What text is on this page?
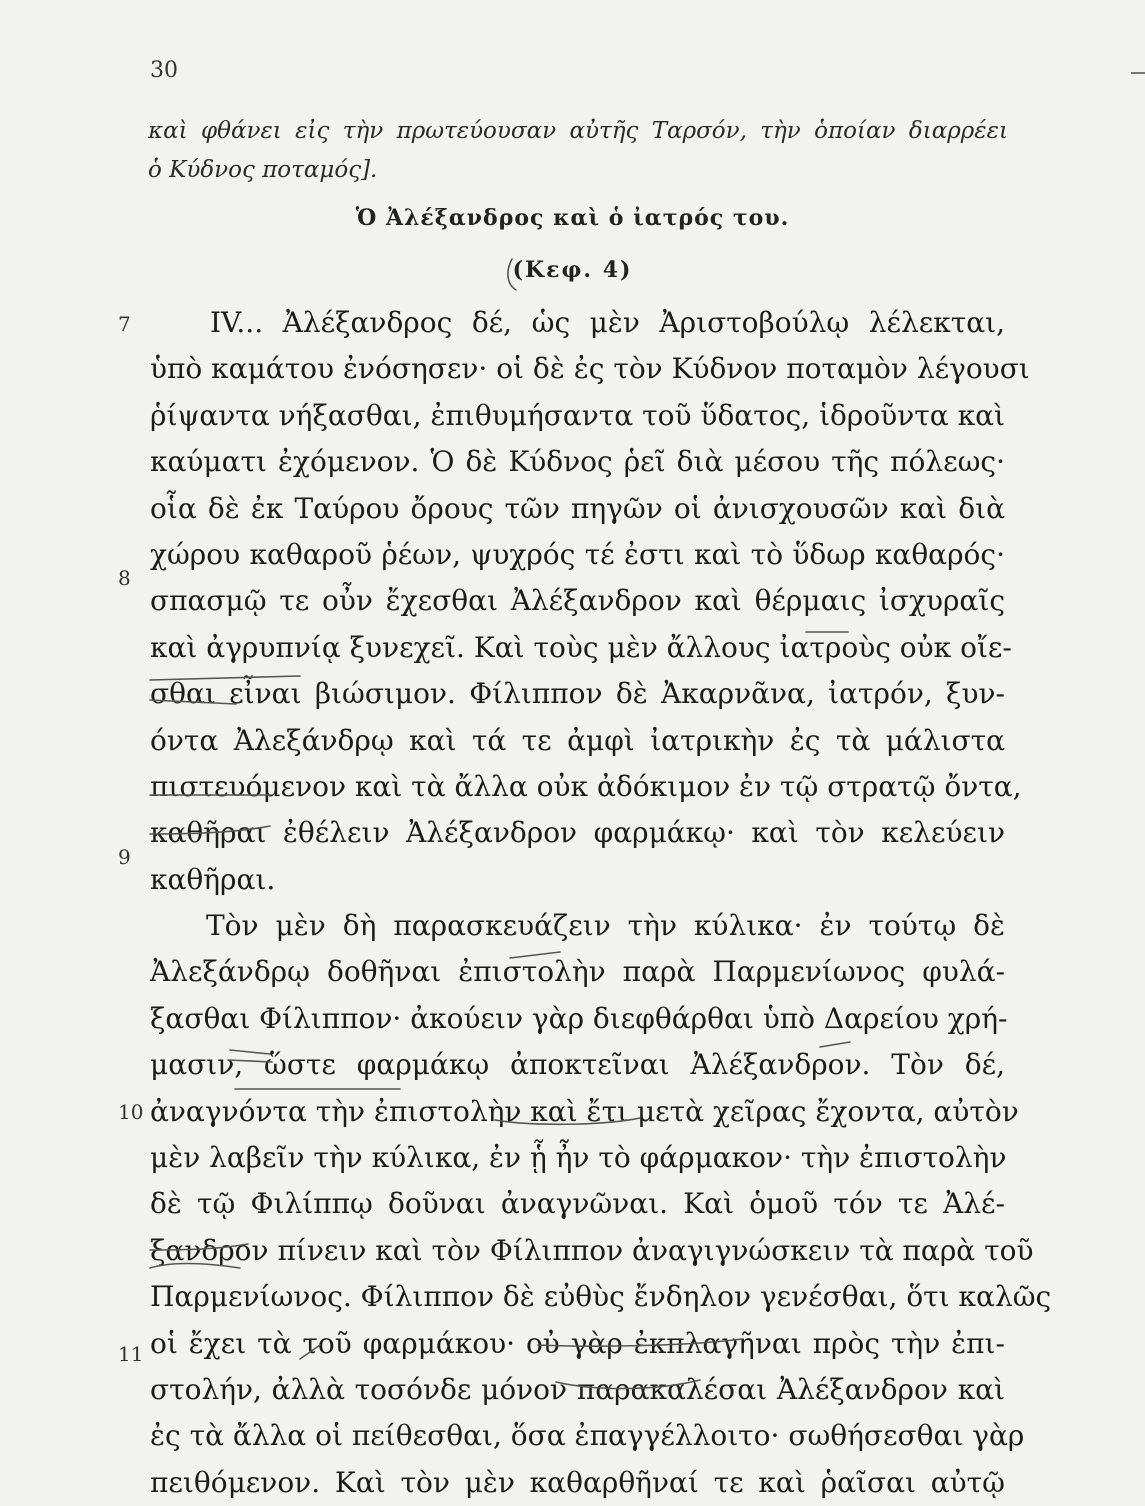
30
καὶ φθάνει εἰς τὴν πρωτεύουσαν αὐτῆς Ταρσόν, τὴν ὁποίαν διαρρέει
ὁ Κύδνος ποταμός].
Ὁ Ἀλέξανδρος καὶ ὁ ἰατρός του.
(Κεφ. 4)
7
8
9
10
11
IV... Ἀλέξανδρος δέ, ὡς μὲν Ἀριστοβούλῳ λέλεκται,
ὑπὸ καμάτου ἐνόσησεν· οἱ δὲ ἐς τὸν Κύδνον ποταμὸν λέγουσι
ῥίψαντα νήξασθαι, ἐπιθυμήσαντα τοῦ ὕδατος, ἱδροῦντα καὶ
καύματι ἐχόμενον. Ὁ δὲ Κύδνος ῥεῖ διὰ μέσου τῆς πόλεως·
οἷα δὲ ἐκ Ταύρου ὄρους τῶν πηγῶν οἱ ἀνισχουσῶν καὶ διὰ
χώρου καθαροῦ ῥέων, ψυχρός τέ ἐστι καὶ τὸ ὕδωρ καθαρός·
σπασμῷ τε οὖν ἔχεσθαι Ἀλέξανδρον καὶ θέρμαις ἰσχυραῖς
καὶ ἀγρυπνίᾳ ξυνεχεῖ. Καὶ τοὺς μὲν ἄλλους ἰατροὺς οὐκ οἴε-
σθαι εἶναι βιώσιμον. Φίλιππον δὲ Ἀκαρνᾶνα, ἰατρόν, ξυν-
όντα Ἀλεξάνδρῳ καὶ τά τε ἀμφὶ ἰατρικὴν ἐς τὰ μάλιστα
πιστευόμενον καὶ τὰ ἄλλα οὐκ ἀδόκιμον ἐν τῷ στρατῷ ὄντα,
καθῆραι ἐθέλειν Ἀλέξανδρον φαρμάκῳ· καὶ τὸν κελεύειν
καθῆραι.
Τὸν μὲν δὴ παρασκευάζειν τὴν κύλικα· ἐν τούτῳ δὲ
Ἀλεξάνδρῳ δοθῆναι ἐπιστολὴν παρὰ Παρμενίωνος φυλά-
ξασθαι Φίλιππον· ἀκούειν γὰρ διεφθάρθαι ὑπὸ Δαρείου χρή-
μασιν, ὥστε φαρμάκῳ ἀποκτεῖναι Ἀλέξανδρον. Τὸν δέ,
ἀναγνόντα τὴν ἐπιστολὴν καὶ ἔτι μετὰ χεῖρας ἔχοντα, αὐτὸν
μὲν λαβεῖν τὴν κύλικα, ἐν ᾗ ἦν τὸ φάρμακον· τὴν ἐπιστολὴν
δὲ τῷ Φιλίππῳ δοῦναι ἀναγνῶναι. Καὶ ὁμοῦ τόν τε Ἀλέ-
ξανδρον πίνειν καὶ τὸν Φίλιππον ἀναγιγνώσκειν τὰ παρὰ τοῦ
Παρμενίωνος. Φίλιππον δὲ εὐθὺς ἔνδηλον γενέσθαι, ὅτι καλῶς
οἱ ἔχει τὰ τοῦ φαρμάκου· οὐ γὰρ ἐκπλαγῆναι πρὸς τὴν ἐπι-
στολήν, ἀλλὰ τοσόνδε μόνον παρακαλέσαι Ἀλέξανδρον καὶ
ἐς τὰ ἄλλα οἱ πείθεσθαι, ὅσα ἐπαγγέλλοιτο· σωθήσεσθαι γὰρ
πειθόμενον. Καὶ τὸν μὲν καθαρθῆναί τε καὶ ῥαῖσαι αὐτῷ
